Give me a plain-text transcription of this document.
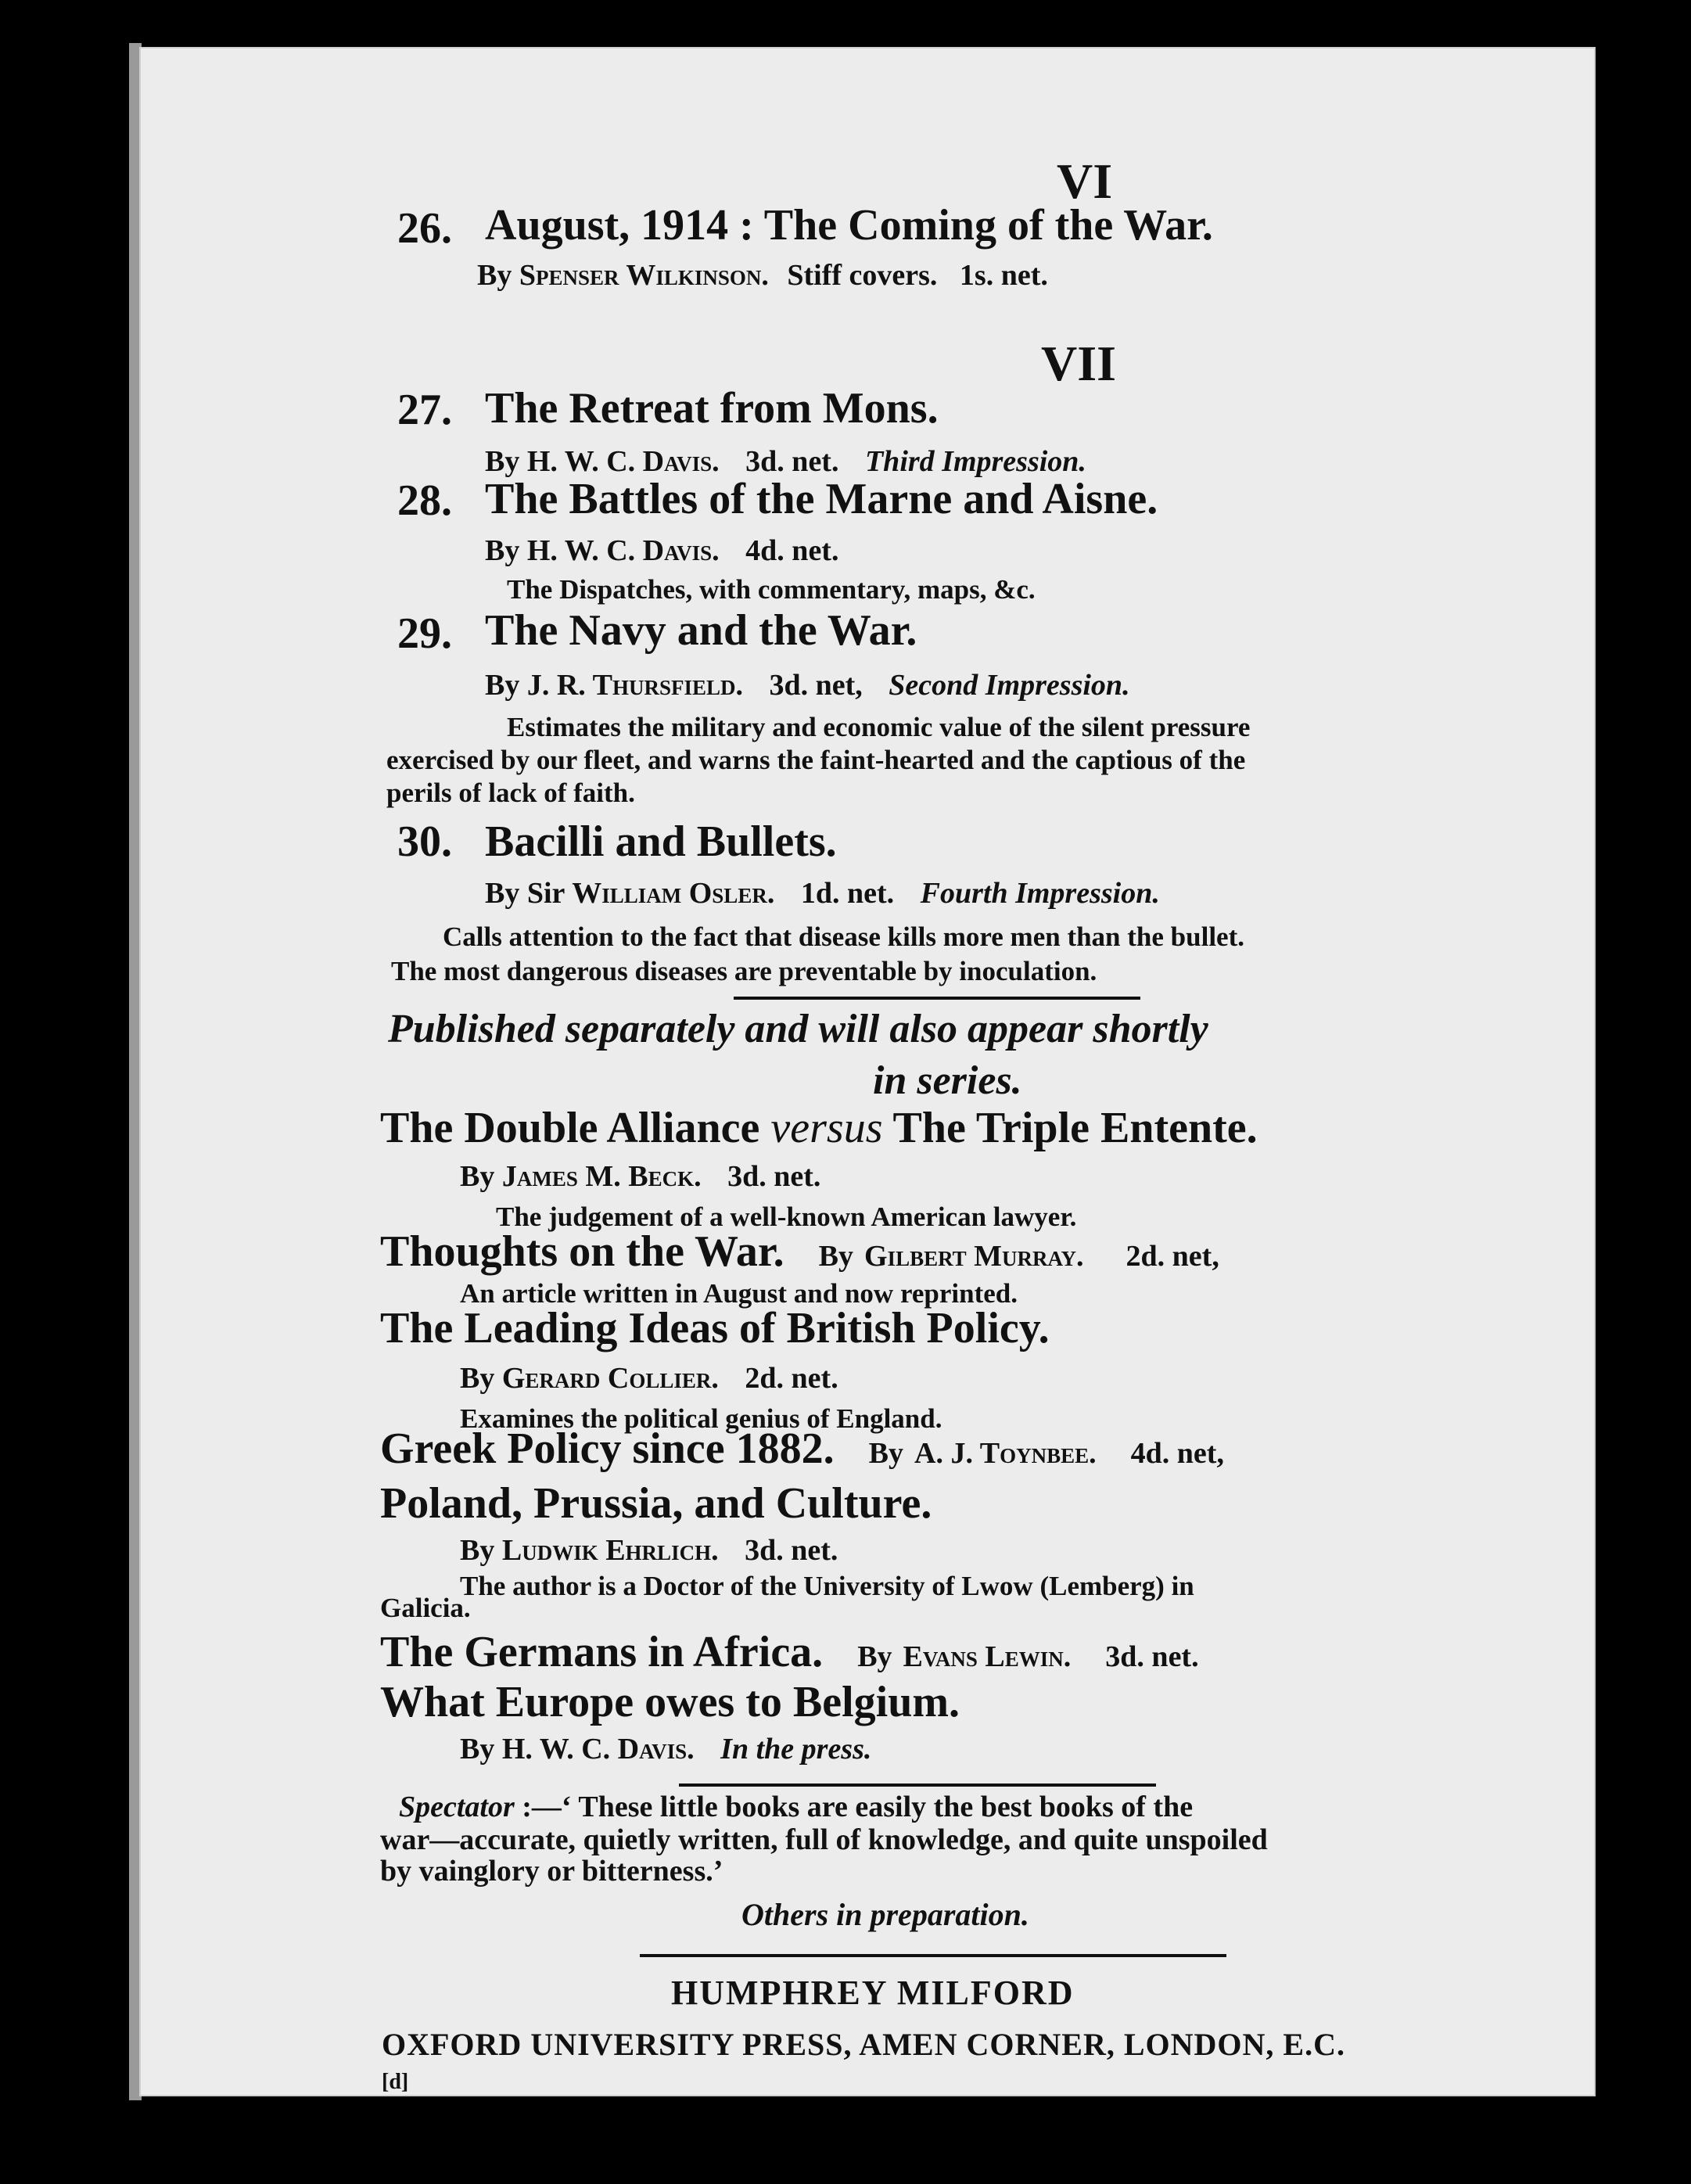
VI
26. August, 1914 : The Coming of the War.
By Spenser Wilkinson. Stiff covers.   1s. net.
VII
27. The Retreat from Mons.
By H. W. C. Davis. 3d. net. Third Impression.
28. The Battles of the Marne and Aisne.
By H. W. C. Davis. 4d. net.
The Dispatches, with commentary, maps, &c.
29. The Navy and the War.
By J. R. Thursfield. 3d. net, Second Impression.
Estimates the military and economic value of the silent pressure
exercised by our fleet, and warns the faint-hearted and the captious of the
perils of lack of faith.
30. Bacilli and Bullets.
By Sir William Osler. 1d. net. Fourth Impression.
Calls attention to the fact that disease kills more men than the bullet.
The most dangerous diseases are preventable by inoculation.
Published separately and will also appear shortly
in series.
The Double Alliance versus The Triple Entente.
By James M. Beck. 3d. net.
The judgement of a well-known American lawyer.
Thoughts on the War. By Gilbert Murray. 2d. net,
An article written in August and now reprinted.
The Leading Ideas of British Policy.
By Gerard Collier. 2d. net.
Examines the political genius of England.
Greek Policy since 1882. By A. J. Toynbee. 4d. net,
Poland, Prussia, and Culture.
By Ludwik Ehrlich. 3d. net.
The author is a Doctor of the University of Lwow (Lemberg) in
Galicia.
The Germans in Africa. By Evans Lewin. 3d. net.
What Europe owes to Belgium.
By H. W. C. Davis. In the press.
Spectator :—‘ These little books are easily the best books of the
war—accurate, quietly written, full of knowledge, and quite unspoiled
by vainglory or bitterness.’
Others in preparation.
HUMPHREY MILFORD
OXFORD UNIVERSITY PRESS, AMEN CORNER, LONDON, E.C.
[d]
